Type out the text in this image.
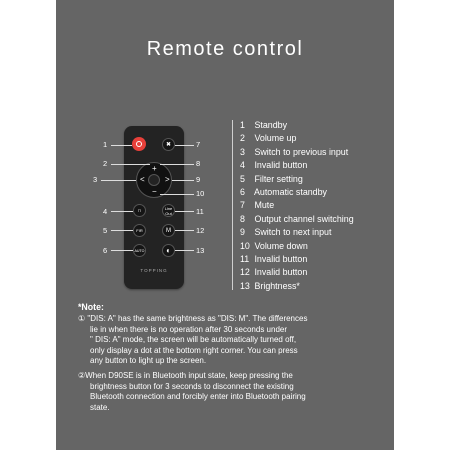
Remote control
✖
+
−
<	>
∩	Line
Out
FIR	M
AUTO	◐
TOPPING
1
2
3
4
5
6
7
8
9
10
11
12
13
1 Standby
2 Volume up
3 Switch to previous input
4 Invalid button
5 Filter setting
6 Automatic standby
7 Mute
8 Output channel switching
9 Switch to next input
10 Volume down
11 Invalid button
12 Invalid button
13 Brightness*
*Note:
① "DIS: A" has the same brightness as "DIS: M". The differences
lie in when there is no operation after 30 seconds under
" DIS: A" mode, the screen will be automatically turned off,
only display a dot at the bottom right corner. You can press
any button to light up the screen.
②When D90SE is in Bluetooth input state, keep pressing the
brightness button for 3 seconds to disconnect the existing
Bluetooth connection and forcibly enter into Bluetooth pairing
state.
